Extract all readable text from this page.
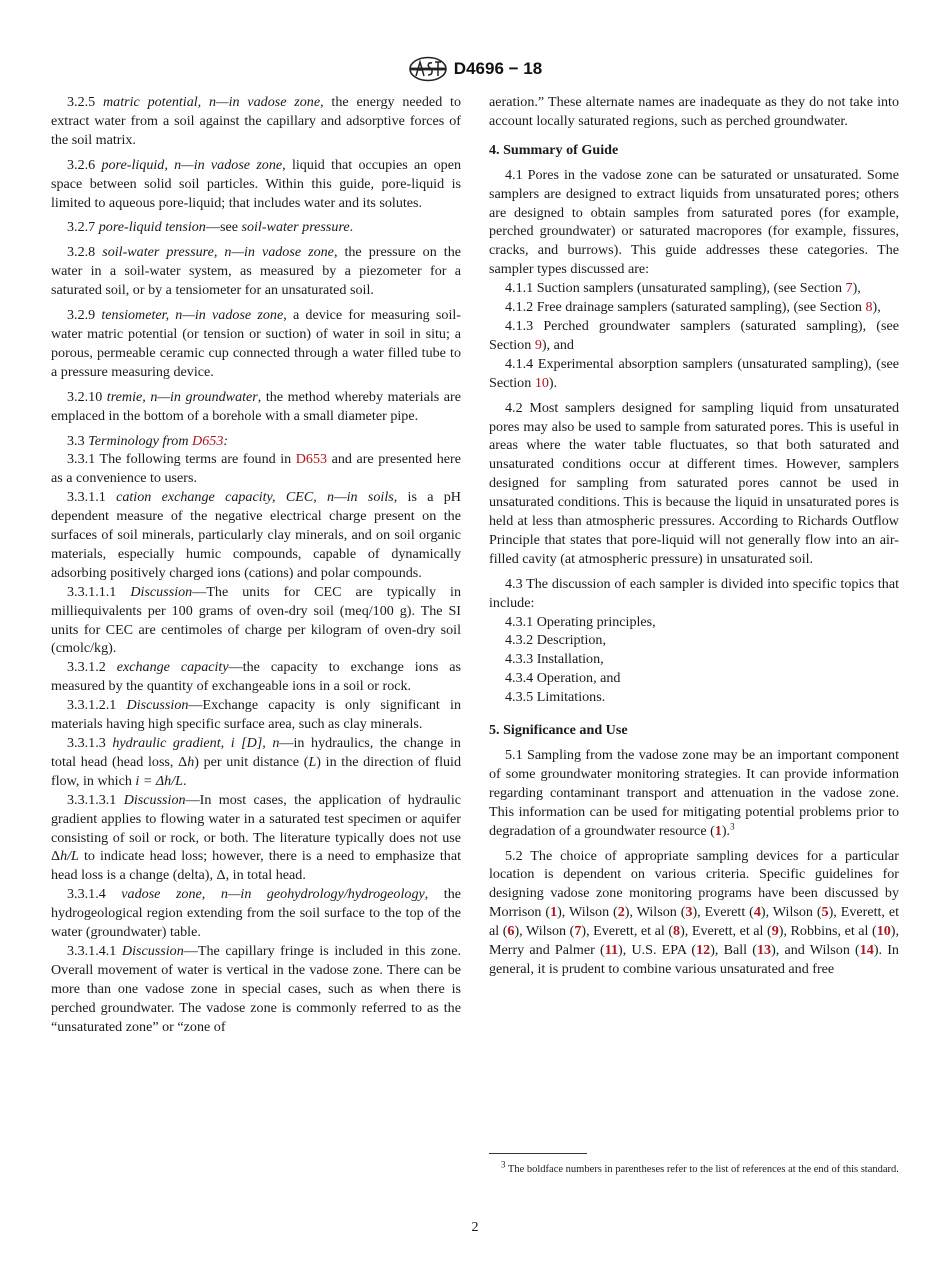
D4696 − 18

3.2.5 matric potential, n—in vadose zone, the energy needed to extract water from a soil against the capillary and adsorptive forces of the soil matrix.

3.2.6 pore-liquid, n—in vadose zone, liquid that occupies an open space between solid soil particles. Within this guide, pore-liquid is limited to aqueous pore-liquid; that includes water and its solutes.

3.2.7 pore-liquid tension—see soil-water pressure.

3.2.8 soil-water pressure, n—in vadose zone, the pressure on the water in a soil-water system, as measured by a piezometer for a saturated soil, or by a tensiometer for an unsaturated soil.

3.2.9 tensiometer, n—in vadose zone, a device for measuring soil-water matric potential (or tension or suction) of water in soil in situ; a porous, permeable ceramic cup connected through a water filled tube to a pressure measuring device.

3.2.10 tremie, n—in groundwater, the method whereby materials are emplaced in the bottom of a borehole with a small diameter pipe.

3.3 Terminology from D653:

3.3.1 The following terms are found in D653 and are presented here as a convenience to users.

3.3.1.1 cation exchange capacity, CEC, n—in soils, is a pH dependent measure of the negative electrical charge present on the surfaces of soil minerals, particularly clay minerals, and on soil organic materials, especially humic compounds, capable of dynamically adsorbing positively charged ions (cations) and polar compounds.

3.3.1.1.1 Discussion—The units for CEC are typically in milliequivalents per 100 grams of oven-dry soil (meq/100 g). The SI units for CEC are centimoles of charge per kilogram of oven-dry soil (cmolc/kg).

3.3.1.2 exchange capacity—the capacity to exchange ions as measured by the quantity of exchangeable ions in a soil or rock.

3.3.1.2.1 Discussion—Exchange capacity is only significant in materials having high specific surface area, such as clay minerals.

3.3.1.3 hydraulic gradient, i [D], n—in hydraulics, the change in total head (head loss, Δh) per unit distance (L) in the direction of fluid flow, in which i = Δh/L.

3.3.1.3.1 Discussion—In most cases, the application of hydraulic gradient applies to flowing water in a saturated test specimen or aquifer consisting of soil or rock, or both. The literature typically does not use Δh/L to indicate head loss; however, there is a need to emphasize that head loss is a change (delta), Δ, in total head.

3.3.1.4 vadose zone, n—in geohydrology/hydrogeology, the hydrogeological region extending from the soil surface to the top of the water (groundwater) table.

3.3.1.4.1 Discussion—The capillary fringe is included in this zone. Overall movement of water is vertical in the vadose zone. There can be more than one vadose zone in special cases, such as when there is perched groundwater. The vadose zone is commonly referred to as the “unsaturated zone” or “zone of

aeration.” These alternate names are inadequate as they do not take into account locally saturated regions, such as perched groundwater.

4. Summary of Guide

4.1 Pores in the vadose zone can be saturated or unsaturated. Some samplers are designed to extract liquids from unsaturated pores; others are designed to obtain samples from saturated pores (for example, perched groundwater) or saturated macropores (for example, fissures, cracks, and burrows). This guide addresses these categories. The sampler types discussed are:

4.1.1 Suction samplers (unsaturated sampling), (see Section 7),

4.1.2 Free drainage samplers (saturated sampling), (see Section 8),

4.1.3 Perched groundwater samplers (saturated sampling), (see Section 9), and

4.1.4 Experimental absorption samplers (unsaturated sampling), (see Section 10).

4.2 Most samplers designed for sampling liquid from unsaturated pores may also be used to sample from saturated pores. This is useful in areas where the water table fluctuates, so that both saturated and unsaturated conditions occur at different times. However, samplers designed for sampling from saturated pores cannot be used in unsaturated conditions. This is because the liquid in unsaturated pores is held at less than atmospheric pressures. According to Richards Outflow Principle that states that pore-liquid will not generally flow into an air-filled cavity (at atmospheric pressure) in unsaturated soil.

4.3 The discussion of each sampler is divided into specific topics that include:

4.3.1 Operating principles,

4.3.2 Description,

4.3.3 Installation,

4.3.4 Operation, and

4.3.5 Limitations.

5. Significance and Use

5.1 Sampling from the vadose zone may be an important component of some groundwater monitoring strategies. It can provide information regarding contaminant transport and attenuation in the vadose zone. This information can be used for mitigating potential problems prior to degradation of a groundwater resource (1).$^3$

5.2 The choice of appropriate sampling devices for a particular location is dependent on various criteria. Specific guidelines for designing vadose zone monitoring programs have been discussed by Morrison (1), Wilson (2), Wilson (3), Everett (4), Wilson (5), Everett, et al (6), Wilson (7), Everett, et al (8), Everett, et al (9), Robbins, et al (10), Merry and Palmer (11), U.S. EPA (12), Ball (13), and Wilson (14). In general, it is prudent to combine various unsaturated and free

$^3$ The boldface numbers in parentheses refer to the list of references at the end of this standard.
2
